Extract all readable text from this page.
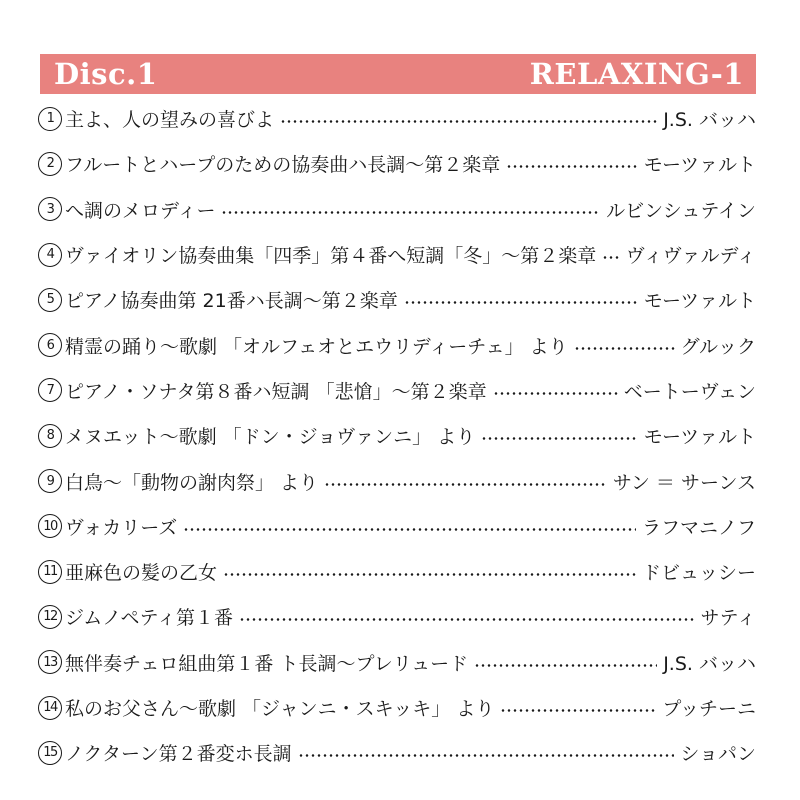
Disc.1	RELAXING-1
1 主よ、人の望みの喜びよ	J.S. バッハ
2 フルートとハープのための協奏曲ハ長調～第２楽章	モーツァルト
3 へ調のメロディー	ルビンシュテイン
4 ヴァイオリン協奏曲集「四季」第４番へ短調「冬」～第２楽章 ヴィヴァルディ
5 ピアノ協奏曲第 21番ハ長調～第２楽章	モーツァルト
6 精霊の踊り～歌劇 「オルフェオとエウリディーチェ」 より	グルック
7 ピアノ・ソナタ第８番ハ短調 「悲愴」～第２楽章	ベートーヴェン
8 メヌエット～歌劇 「ドン・ジョヴァンニ」 より	モーツァルト
9 白鳥～「動物の謝肉祭」 より	サン ＝ サーンス
10 ヴォカリーズ	ラフマニノフ
11 亜麻色の髪の乙女	ドビュッシー
12 ジムノペティ第１番	サティ
13 無伴奏チェロ組曲第１番 ト長調～プレリュード	J.S. バッハ
14 私のお父さん～歌劇 「ジャンニ・スキッキ」 より	プッチーニ
15 ノクターン第２番変ホ長調	ショパン
